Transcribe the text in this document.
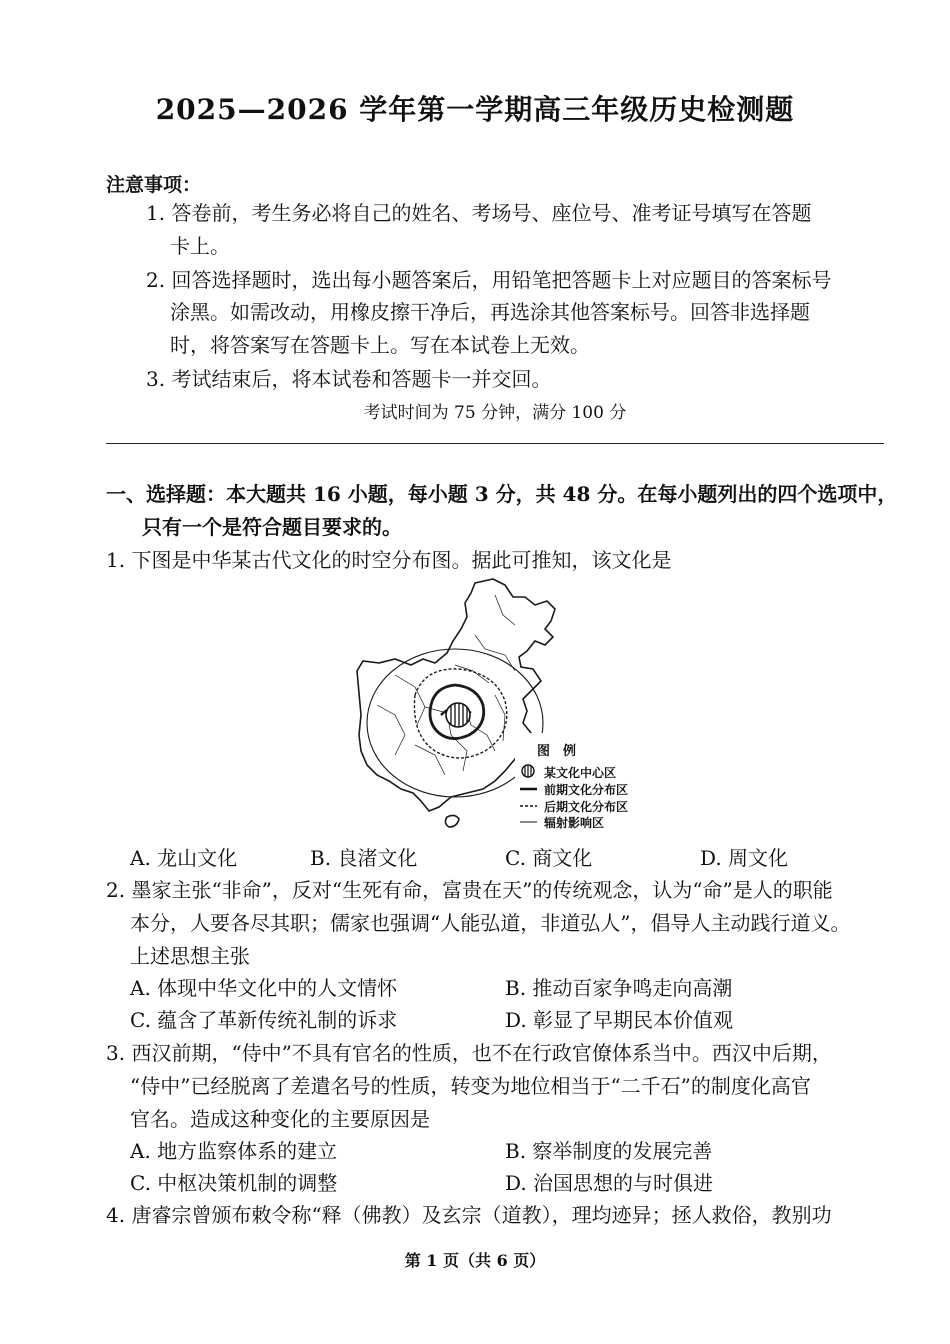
2025—2026 学年第一学期高三年级历史检测题
注意事项：
1. 答卷前，考生务必将自己的姓名、考场号、座位号、准考证号填写在答题
卡上。
2. 回答选择题时，选出每小题答案后，用铅笔把答题卡上对应题目的答案标号
涂黑。如需改动，用橡皮擦干净后，再选涂其他答案标号。回答非选择题
时，将答案写在答题卡上。写在本试卷上无效。
3. 考试结束后，将本试卷和答题卡一并交回。
考试时间为 75 分钟，满分 100 分
一、选择题：本大题共 16 小题，每小题 3 分，共 48 分。在每小题列出的四个选项中，
只有一个是符合题目要求的。
1. 下图是中华某古代文化的时空分布图。据此可推知，该文化是
图　例
某文化中心区
前期文化分布区
后期文化分布区
辐射影响区
A. 龙山文化	B. 良渚文化	C. 商文化	D. 周文化
2. 墨家主张“非命”，反对“生死有命，富贵在天”的传统观念，认为“命”是人的职能
本分，人要各尽其职；儒家也强调“人能弘道，非道弘人”，倡导人主动践行道义。
上述思想主张
A. 体现中华文化中的人文情怀	B. 推动百家争鸣走向高潮
C. 蕴含了革新传统礼制的诉求	D. 彰显了早期民本价值观
3. 西汉前期，“侍中”不具有官名的性质，也不在行政官僚体系当中。西汉中后期，
“侍中”已经脱离了差遣名号的性质，转变为地位相当于“二千石”的制度化高官
官名。造成这种变化的主要原因是
A. 地方监察体系的建立	B. 察举制度的发展完善
C. 中枢决策机制的调整	D. 治国思想的与时俱进
4. 唐睿宗曾颁布敕令称“释（佛教）及玄宗（道教），理均迹异；拯人救俗，教别功
第 1 页（共 6 页）
